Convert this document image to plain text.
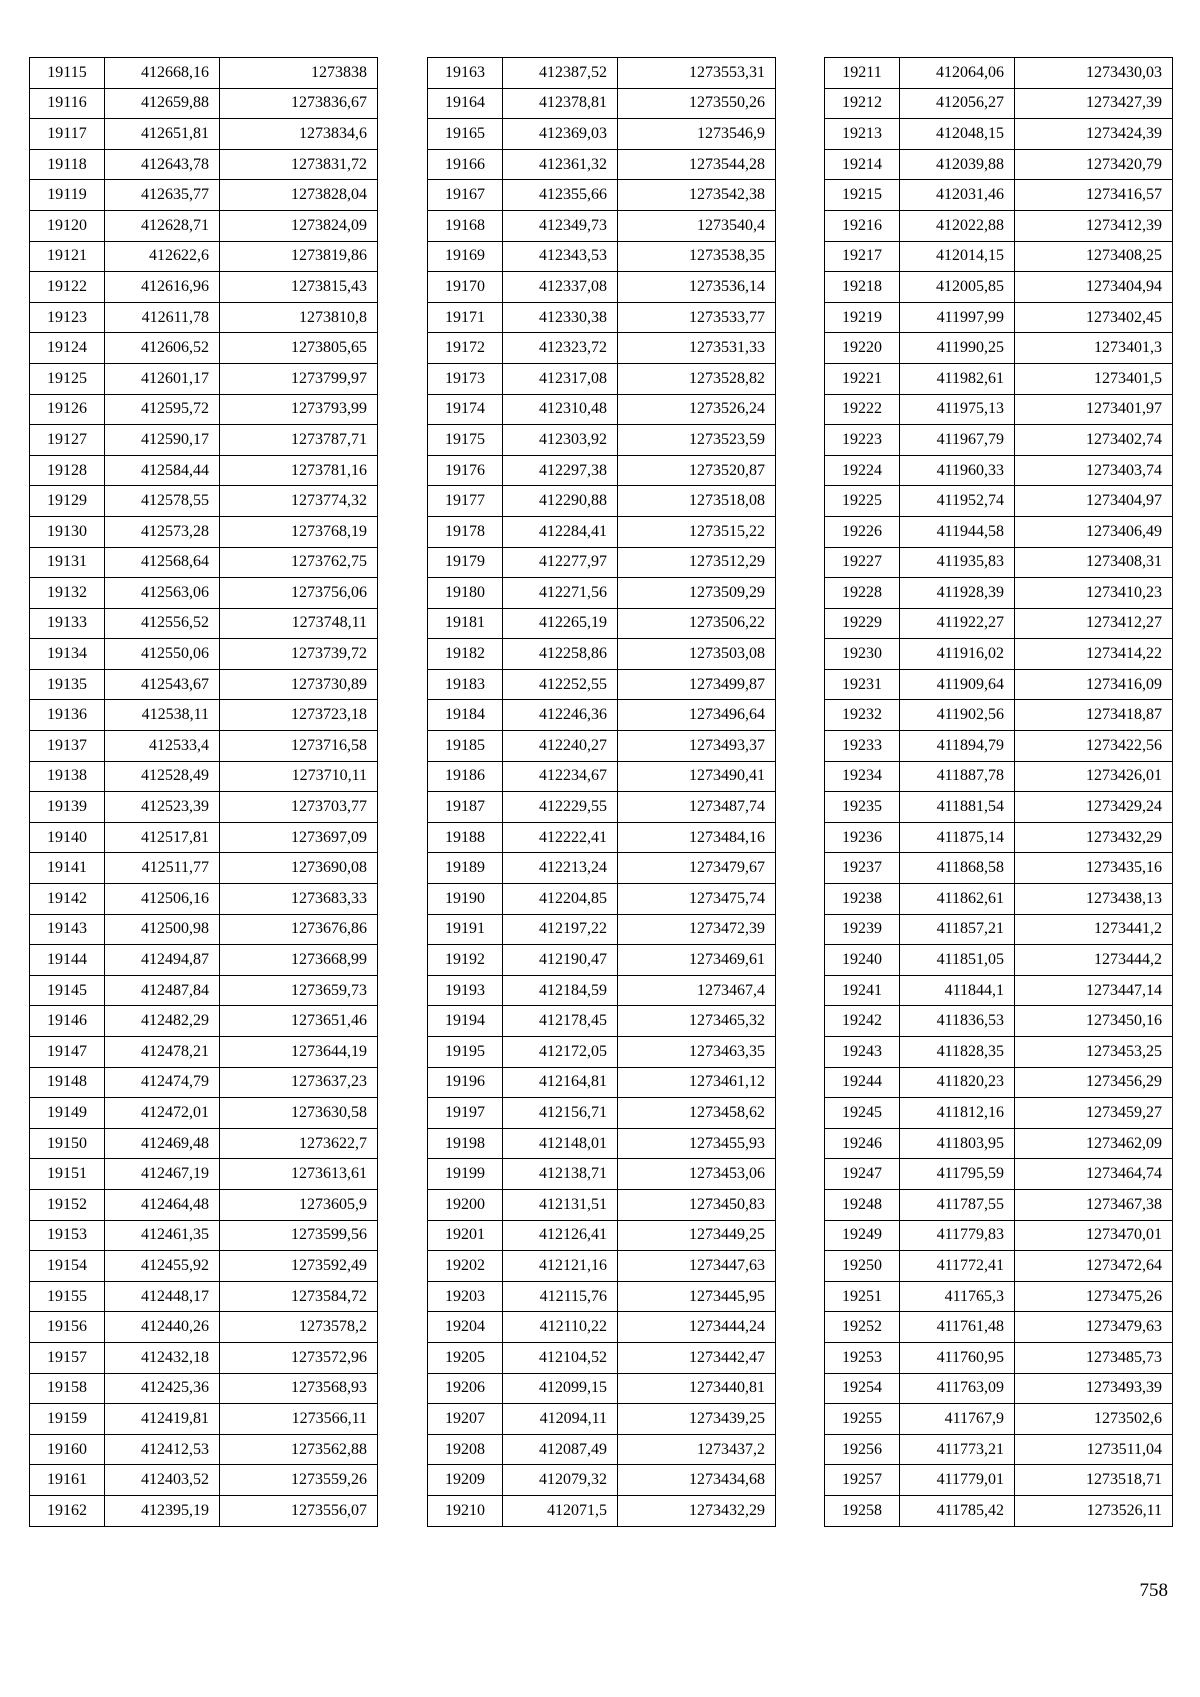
19115	412668,16	1273838
19116	412659,88	1273836,67
19117	412651,81	1273834,6
19118	412643,78	1273831,72
19119	412635,77	1273828,04
19120	412628,71	1273824,09
19121	412622,6	1273819,86
19122	412616,96	1273815,43
19123	412611,78	1273810,8
19124	412606,52	1273805,65
19125	412601,17	1273799,97
19126	412595,72	1273793,99
19127	412590,17	1273787,71
19128	412584,44	1273781,16
19129	412578,55	1273774,32
19130	412573,28	1273768,19
19131	412568,64	1273762,75
19132	412563,06	1273756,06
19133	412556,52	1273748,11
19134	412550,06	1273739,72
19135	412543,67	1273730,89
19136	412538,11	1273723,18
19137	412533,4	1273716,58
19138	412528,49	1273710,11
19139	412523,39	1273703,77
19140	412517,81	1273697,09
19141	412511,77	1273690,08
19142	412506,16	1273683,33
19143	412500,98	1273676,86
19144	412494,87	1273668,99
19145	412487,84	1273659,73
19146	412482,29	1273651,46
19147	412478,21	1273644,19
19148	412474,79	1273637,23
19149	412472,01	1273630,58
19150	412469,48	1273622,7
19151	412467,19	1273613,61
19152	412464,48	1273605,9
19153	412461,35	1273599,56
19154	412455,92	1273592,49
19155	412448,17	1273584,72
19156	412440,26	1273578,2
19157	412432,18	1273572,96
19158	412425,36	1273568,93
19159	412419,81	1273566,11
19160	412412,53	1273562,88
19161	412403,52	1273559,26
19162	412395,19	1273556,07
19163	412387,52	1273553,31
19164	412378,81	1273550,26
19165	412369,03	1273546,9
19166	412361,32	1273544,28
19167	412355,66	1273542,38
19168	412349,73	1273540,4
19169	412343,53	1273538,35
19170	412337,08	1273536,14
19171	412330,38	1273533,77
19172	412323,72	1273531,33
19173	412317,08	1273528,82
19174	412310,48	1273526,24
19175	412303,92	1273523,59
19176	412297,38	1273520,87
19177	412290,88	1273518,08
19178	412284,41	1273515,22
19179	412277,97	1273512,29
19180	412271,56	1273509,29
19181	412265,19	1273506,22
19182	412258,86	1273503,08
19183	412252,55	1273499,87
19184	412246,36	1273496,64
19185	412240,27	1273493,37
19186	412234,67	1273490,41
19187	412229,55	1273487,74
19188	412222,41	1273484,16
19189	412213,24	1273479,67
19190	412204,85	1273475,74
19191	412197,22	1273472,39
19192	412190,47	1273469,61
19193	412184,59	1273467,4
19194	412178,45	1273465,32
19195	412172,05	1273463,35
19196	412164,81	1273461,12
19197	412156,71	1273458,62
19198	412148,01	1273455,93
19199	412138,71	1273453,06
19200	412131,51	1273450,83
19201	412126,41	1273449,25
19202	412121,16	1273447,63
19203	412115,76	1273445,95
19204	412110,22	1273444,24
19205	412104,52	1273442,47
19206	412099,15	1273440,81
19207	412094,11	1273439,25
19208	412087,49	1273437,2
19209	412079,32	1273434,68
19210	412071,5	1273432,29
19211	412064,06	1273430,03
19212	412056,27	1273427,39
19213	412048,15	1273424,39
19214	412039,88	1273420,79
19215	412031,46	1273416,57
19216	412022,88	1273412,39
19217	412014,15	1273408,25
19218	412005,85	1273404,94
19219	411997,99	1273402,45
19220	411990,25	1273401,3
19221	411982,61	1273401,5
19222	411975,13	1273401,97
19223	411967,79	1273402,74
19224	411960,33	1273403,74
19225	411952,74	1273404,97
19226	411944,58	1273406,49
19227	411935,83	1273408,31
19228	411928,39	1273410,23
19229	411922,27	1273412,27
19230	411916,02	1273414,22
19231	411909,64	1273416,09
19232	411902,56	1273418,87
19233	411894,79	1273422,56
19234	411887,78	1273426,01
19235	411881,54	1273429,24
19236	411875,14	1273432,29
19237	411868,58	1273435,16
19238	411862,61	1273438,13
19239	411857,21	1273441,2
19240	411851,05	1273444,2
19241	411844,1	1273447,14
19242	411836,53	1273450,16
19243	411828,35	1273453,25
19244	411820,23	1273456,29
19245	411812,16	1273459,27
19246	411803,95	1273462,09
19247	411795,59	1273464,74
19248	411787,55	1273467,38
19249	411779,83	1273470,01
19250	411772,41	1273472,64
19251	411765,3	1273475,26
19252	411761,48	1273479,63
19253	411760,95	1273485,73
19254	411763,09	1273493,39
19255	411767,9	1273502,6
19256	411773,21	1273511,04
19257	411779,01	1273518,71
19258	411785,42	1273526,11
758
